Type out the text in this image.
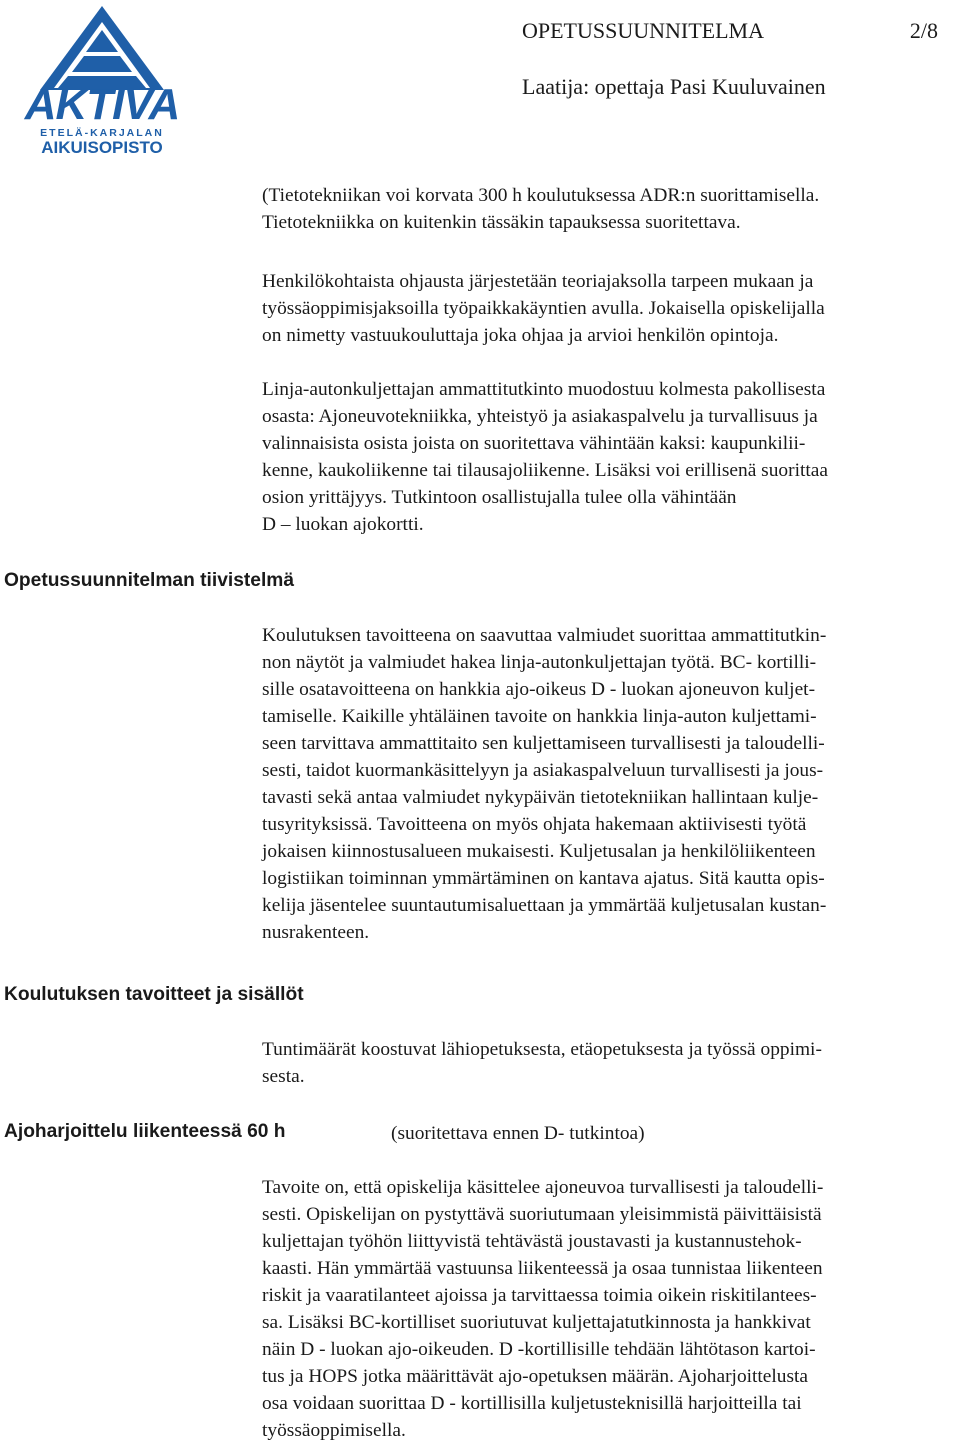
AKTIVA
ETELÄ-KARJALAN
AIKUISOPISTO
OPETUSSUUNNITELMA	2/8
Laatija: opettaja Pasi Kuuluvainen

(Tietotekniikan voi korvata 300 h koulutuksessa ADR:n suorittamisella.
Tietotekniikka on kuitenkin tässäkin tapauksessa suoritettava.

Henkilökohtaista ohjausta järjestetään teoriajaksolla tarpeen mukaan ja
työssäoppimisjaksoilla työpaikkakäyntien avulla. Jokaisella opiskelijalla
on nimetty vastuukouluttaja joka ohjaa ja arvioi henkilön opintoja.

Linja-autonkuljettajan ammattitutkinto muodostuu kolmesta pakollisesta
osasta: Ajoneuvotekniikka, yhteistyö ja asiakaspalvelu ja turvallisuus ja
valinnaisista osista joista on suoritettava vähintään kaksi: kaupunkilii-
kenne, kaukoliikenne tai tilausajoliikenne. Lisäksi voi erillisenä suorittaa
osion yrittäjyys. Tutkintoon osallistujalla tulee olla vähintään
D – luokan ajokortti.

Opetussuunnitelman tiivistelmä

Koulutuksen tavoitteena on saavuttaa valmiudet suorittaa ammattitutkin-
non näytöt ja valmiudet hakea linja-autonkuljettajan työtä. BC- kortilli-
sille osatavoitteena on hankkia ajo-oikeus D - luokan ajoneuvon kuljet-
tamiselle. Kaikille yhtäläinen tavoite on hankkia linja-auton kuljettami-
seen tarvittava ammattitaito sen kuljettamiseen turvallisesti ja taloudelli-
sesti, taidot kuormankäsittelyyn ja asiakaspalveluun turvallisesti ja jous-
tavasti sekä antaa valmiudet nykypäivän tietotekniikan hallintaan kulje-
tusyrityksissä. Tavoitteena on myös ohjata hakemaan aktiivisesti työtä
jokaisen kiinnostusalueen mukaisesti. Kuljetusalan ja henkilöliikenteen
logistiikan toiminnan ymmärtäminen on kantava ajatus. Sitä kautta opis-
kelija jäsentelee suuntautumisaluettaan ja ymmärtää kuljetusalan kustan-
nusrakenteen.

Koulutuksen tavoitteet ja sisällöt

Tuntimäärät koostuvat lähiopetuksesta, etäopetuksesta ja työssä oppimi-
sesta.

Ajoharjoittelu liikenteessä 60 h	(suoritettava ennen D- tutkintoa)

Tavoite on, että opiskelija käsittelee ajoneuvoa turvallisesti ja taloudelli-
sesti. Opiskelijan on pystyttävä suoriutumaan yleisimmistä päivittäisistä
kuljettajan työhön liittyvistä tehtävästä joustavasti ja kustannustehok-
kaasti. Hän ymmärtää vastuunsa liikenteessä ja osaa tunnistaa liikenteen
riskit ja vaaratilanteet ajoissa ja tarvittaessa toimia oikein riskitilantees-
sa. Lisäksi BC-kortilliset suoriutuvat kuljettajatutkinnosta ja hankkivat
näin D - luokan ajo-oikeuden. D -kortillisille tehdään lähtötason kartoi-
tus ja HOPS jotka määrittävät ajo-opetuksen määrän. Ajoharjoittelusta
osa voidaan suorittaa D - kortillisilla kuljetusteknisillä harjoitteilla tai
työssäoppimisella.
